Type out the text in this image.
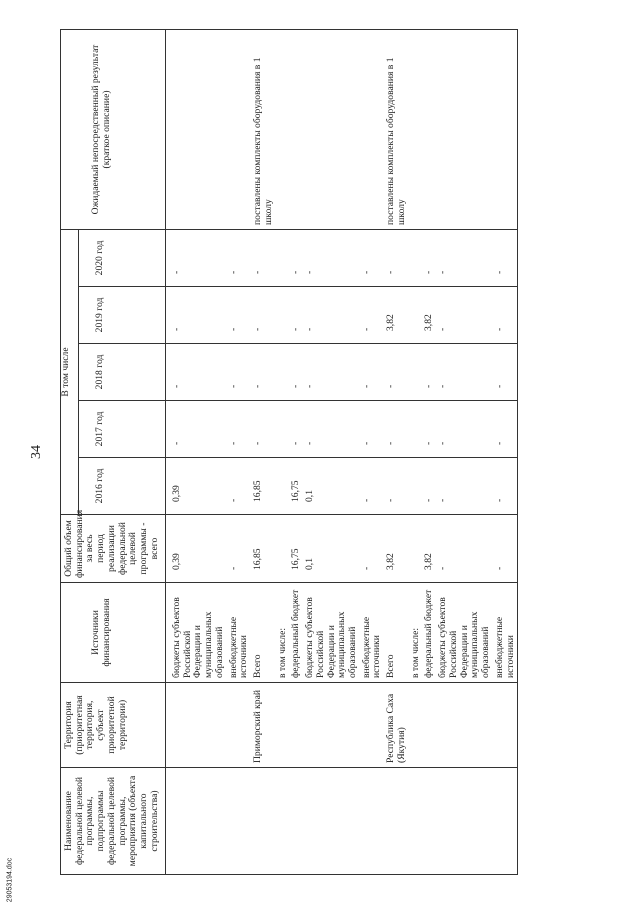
34
29053194.doc
Наименование федеральной целевой программы, подпрограммы федеральной целевой программы, мероприятия (объекта капитального строительства)	Территория (приоритетная территория, субъект приоритетной территории)	Источники финансирования	Общий объем финансирования за весь период реализации федеральной целевой программы - всего	В том числе					Ожидаемый непосредственный результат (краткое описание)
				2016 год	2017 год	2018 год	2019 год	2020 год	

		бюджеты субъектов Российской Федерации и муниципальных образований	0,39	0,39	-	-	-	-	
		внебюджетные источники	-	-	-	-	-	-	
	Приморский край	Всего	16,85	16,85	-	-	-	-	поставлены комплекты оборудования в 1 школу
		в том числе:							
		федеральный бюджет	16,75	16,75	-	-	-	-	
		бюджеты субъектов Российской Федерации и муниципальных образований	0,1	0,1	-	-	-	-	
		внебюджетные источники	-	-	-	-	-	-	
	Республика Саха (Якутия)	Всего	3,82	-	-	-	3,82	-	поставлены комплекты оборудования в 1 школу
		в том числе:							
		федеральный бюджет	3,82	-	-	-	3,82	-	
		бюджеты субъектов Российской Федерации и муниципальных образований	-	-	-	-	-	-	
		внебюджетные источники	-	-	-	-	-	-	
